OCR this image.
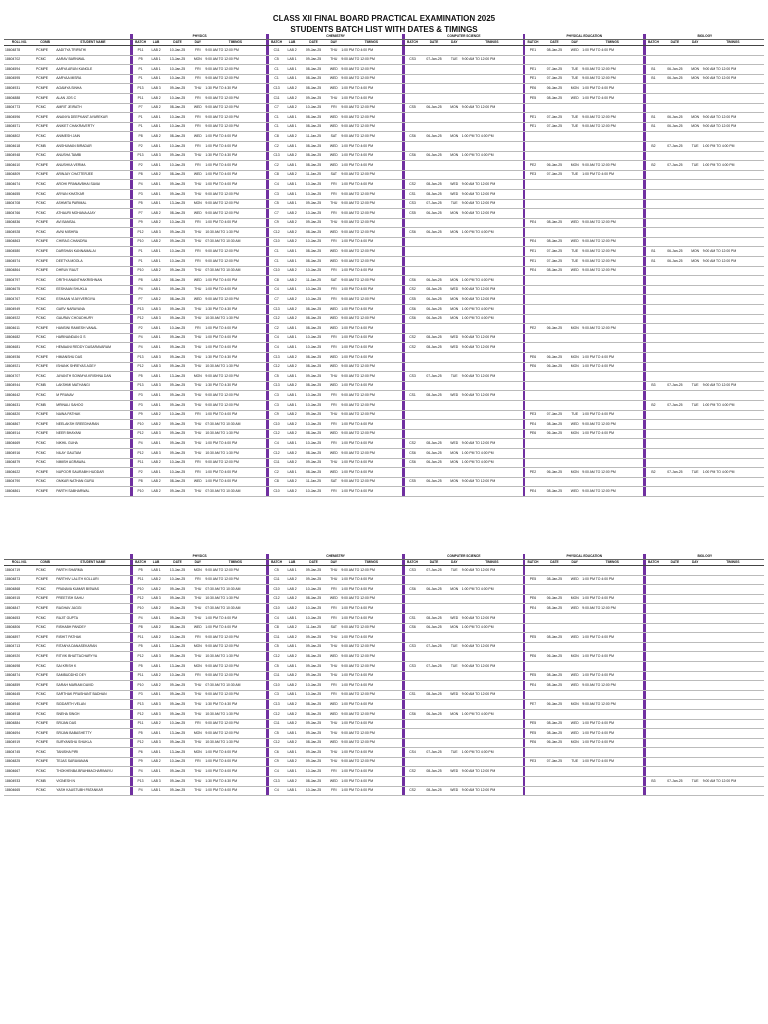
CLASS XII FINAL BOARD PRACTICAL EXAMINATION 2025
STUDENTS BATCH LIST WITH DATES & TIMINGS
				PHYSICS						CHEMISTRY						COMPUTER SCIENCE					PHYSICAL EDUCATION					BIOLOGY			
ROLL NO.	COMB	STUDENT NAME		BATCH	LAB	DATE	DAY	TIMINGS		BATCH	LAB	DATE	DAY	TIMINGS		BATCH	DATE	DAY	TIMINGS		BATCH	DATE	DAY	TIMINGS		BATCH	DATE	DAY	TIMINGS
18604878	PCMPE	AADITYA TRIPATHI		P11	LAB 2	10-Jan-25	FRI	9:00 AM TO 12:00 PM		C11	LAB 2	09-Jan-25	THU	1:00 PM TO 4:00 PM							PE1	08-Jan-25	WED	1:00 PM TO 4:00 PM					
18604702	PCMC	AARAV BARNWAL		P5	LAB 1	13-Jan-25	MON	9:00 AM TO 12:00 PM		C5	LAB 1	09-Jan-25	THU	9:00 AM TO 12:00 PM		CS3	07-Jan-25	TUE	9:00 AM TO 12:00 PM										
18604594	PCMPE	AARYA ARUN KANGLE		P1	LAB 1	10-Jan-25	FRI	9:00 AM TO 12:00 PM		C1	LAB 1	08-Jan-25	WED	9:00 AM TO 12:00 PM							PE1	07-Jan-25	TUE	9:00 AM TO 12:00 PM		B1	06-Jan-25	MON	9:00 AM TO 12:00 PM
18604595	PCMPE	AARYAA MISRA		P1	LAB 1	10-Jan-25	FRI	9:00 AM TO 12:00 PM		C1	LAB 1	08-Jan-25	WED	9:00 AM TO 12:00 PM							PE1	07-Jan-25	TUE	9:00 AM TO 12:00 PM		B1	06-Jan-25	MON	9:00 AM TO 12:00 PM
18604931	PCMPE	AGAMYA SINHA		P13	LAB 3	09-Jan-25	THU	1:30 PM TO 4:30 PM		C13	LAB 2	08-Jan-25	WED	1:00 PM TO 4:00 PM							PE6	06-Jan-25	MON	1:00 PM TO 4:00 PM					
18604888	PCMPE	ALAN JOS C		P11	LAB 2	10-Jan-25	FRI	9:00 AM TO 12:00 PM		C11	LAB 2	09-Jan-25	THU	1:00 PM TO 4:00 PM							PE5	08-Jan-25	WED	1:00 PM TO 4:00 PM					
18604773	PCMC	AMRIT JEIRATH		P7	LAB 2	08-Jan-25	WED	9:00 AM TO 12:00 PM		C7	LAB 2	10-Jan-25	FRI	9:00 AM TO 12:00 PM		CS5	06-Jan-25	MON	9:00 AM TO 12:00 PM										
18604596	PCMPE	ANANYA DEEPKANT AYAREKAR		P1	LAB 1	10-Jan-25	FRI	9:00 AM TO 12:00 PM		C1	LAB 1	08-Jan-25	WED	9:00 AM TO 12:00 PM							PE1	07-Jan-25	TUE	9:00 AM TO 12:00 PM		B1	06-Jan-25	MON	9:00 AM TO 12:00 PM
18604571	PCMPE	ANIKET CHAKRAVERTY		P1	LAB 1	10-Jan-25	FRI	9:00 AM TO 12:00 PM		C1	LAB 1	08-Jan-25	WED	9:00 AM TO 12:00 PM							PE1	07-Jan-25	TUE	9:00 AM TO 12:00 PM		B1	06-Jan-25	MON	9:00 AM TO 12:00 PM
18604802	PCMC	ANIMESH JAIN		P8	LAB 2	08-Jan-25	WED	1:00 PM TO 4:00 PM		C8	LAB 2	11-Jan-25	SAT	9:00 AM TO 12:00 PM		CS6	06-Jan-25	MON	1:00 PM TO 4:00 PM										
18604618	PCMB	ANSHUMAN BIRADAR		P2	LAB 1	10-Jan-25	FRI	1:00 PM TO 4:00 PM		C2	LAB 1	08-Jan-25	WED	1:00 PM TO 4:00 PM												B2	07-Jan-25	TUE	1:00 PM TO 4:00 PM
18604948	PCMC	ANUSHA TAMBI		P13	LAB 3	09-Jan-25	THU	1:30 PM TO 4:30 PM		C13	LAB 2	08-Jan-25	WED	1:00 PM TO 4:00 PM		CS6	06-Jan-25	MON	1:00 PM TO 4:00 PM										
18604610	PCMPE	ANUSHKA VERMA		P2	LAB 1	10-Jan-25	FRI	1:00 PM TO 4:00 PM		C2	LAB 1	08-Jan-25	WED	1:00 PM TO 4:00 PM							PE2	06-Jan-25	MON	9:00 AM TO 12:00 PM		B2	07-Jan-25	TUE	1:00 PM TO 4:00 PM
18604809	PCMPE	ARINJAY CHATTERJEE		P8	LAB 2	08-Jan-25	WED	1:00 PM TO 4:00 PM		C8	LAB 2	11-Jan-25	SAT	9:00 AM TO 12:00 PM							PE3	07-Jan-25	TUE	1:00 PM TO 4:00 PM					
18604674	PCMC	AROHI PRANAVBHAI SAVAI		P4	LAB 1	09-Jan-25	THU	1:00 PM TO 4:00 PM		C4	LAB 1	10-Jan-25	FRI	1:00 PM TO 4:00 PM		CS2	08-Jan-25	WED	9:00 AM TO 12:00 PM										
18604655	PCMC	ARYAN KHATKAR		P3	LAB 1	09-Jan-25	THU	9:00 AM TO 12:00 PM		C3	LAB 1	10-Jan-25	FRI	9:00 AM TO 12:00 PM		CS1	08-Jan-25	WED	9:00 AM TO 12:00 PM										
18604708	PCMC	ASHMITA PARIMAL		P5	LAB 1	13-Jan-25	MON	9:00 AM TO 12:00 PM		C5	LAB 1	09-Jan-25	THU	9:00 AM TO 12:00 PM		CS3	07-Jan-25	TUE	9:00 AM TO 12:00 PM										
18604766	PCMC	ATHAURI MOHANA AJAY		P7	LAB 2	08-Jan-25	WED	9:00 AM TO 12:00 PM		C7	LAB 2	10-Jan-25	FRI	9:00 AM TO 12:00 PM		CS5	06-Jan-25	MON	9:00 AM TO 12:00 PM										
18604836	PCMPE	AVI BANSAL		P9	LAB 2	10-Jan-25	FRI	1:00 PM TO 4:00 PM		C9	LAB 2	09-Jan-25	THU	9:00 AM TO 12:00 PM							PE4	08-Jan-25	WED	9:00 AM TO 12:00 PM					
18604928	PCMC	AVNI MISHRA		P12	LAB 3	09-Jan-25	THU	10:30 AM TO 1:30 PM		C12	LAB 2	08-Jan-25	WED	9:00 AM TO 12:00 PM		CS6	06-Jan-25	MON	1:00 PM TO 4:00 PM										
18604863	PCMPE	CHIRAG CHANDRA		P10	LAB 2	09-Jan-25	THU	07:30 AM TO 10:30 AM		C10	LAB 2	10-Jan-25	FRI	1:00 PM TO 4:00 PM							PE4	08-Jan-25	WED	9:00 AM TO 12:00 PM					
18604580	PCMPE	DARSHAN KANNAMALAI		P1	LAB 1	10-Jan-25	FRI	9:00 AM TO 12:00 PM		C1	LAB 1	08-Jan-25	WED	9:00 AM TO 12:00 PM							PE1	07-Jan-25	TUE	9:00 AM TO 12:00 PM		B1	06-Jan-25	MON	9:00 AM TO 12:00 PM
18604574	PCMPE	DEETYA MOOLA		P1	LAB 1	10-Jan-25	FRI	9:00 AM TO 12:00 PM		C1	LAB 1	08-Jan-25	WED	9:00 AM TO 12:00 PM							PE1	07-Jan-25	TUE	9:00 AM TO 12:00 PM		B1	06-Jan-25	MON	9:00 AM TO 12:00 PM
18604864	PCMPE	DHRUV RAUT		P10	LAB 2	09-Jan-25	THU	07:30 AM TO 10:30 AM		C10	LAB 2	10-Jan-25	FRI	1:00 PM TO 4:00 PM							PE4	08-Jan-25	WED	9:00 AM TO 12:00 PM					
18604797	PCMC	DRITHI ANANTHAKRISHNAN		P8	LAB 2	08-Jan-25	WED	1:00 PM TO 4:00 PM		C8	LAB 2	11-Jan-25	SAT	9:00 AM TO 12:00 PM		CS6	06-Jan-25	MON	1:00 PM TO 4:00 PM										
18604675	PCMC	EESHAAN SHUKLA		P4	LAB 1	09-Jan-25	THU	1:00 PM TO 4:00 PM		C4	LAB 1	10-Jan-25	FRI	1:00 PM TO 4:00 PM		CS2	08-Jan-25	WED	9:00 AM TO 12:00 PM										
18604767	PCMC	ESHAAN VIJAYVERGIYA		P7	LAB 2	08-Jan-25	WED	9:00 AM TO 12:00 PM		C7	LAB 2	10-Jan-25	FRI	9:00 AM TO 12:00 PM		CS5	06-Jan-25	MON	9:00 AM TO 12:00 PM										
18604949	PCMC	GARV NARAYANA		P13	LAB 3	09-Jan-25	THU	1:30 PM TO 4:30 PM		C13	LAB 2	08-Jan-25	WED	1:00 PM TO 4:00 PM		CS6	06-Jan-25	MON	1:00 PM TO 4:00 PM										
18604922	PCMC	GAURAV CHOUDHURY		P12	LAB 3	09-Jan-25	THU	10:30 AM TO 1:30 PM		C12	LAB 2	08-Jan-25	WED	9:00 AM TO 12:00 PM		CS6	06-Jan-25	MON	1:00 PM TO 4:00 PM										
18604611	PCMPE	HANSINI RAMESH VANAL		P2	LAB 1	10-Jan-25	FRI	1:00 PM TO 4:00 PM		C2	LAB 1	08-Jan-25	WED	1:00 PM TO 4:00 PM							PE2	06-Jan-25	MON	9:00 AM TO 12:00 PM					
18604682	PCMC	HARINANDAN G S		P4	LAB 1	09-Jan-25	THU	1:00 PM TO 4:00 PM		C4	LAB 1	10-Jan-25	FRI	1:00 PM TO 4:00 PM		CS2	08-Jan-25	WED	9:00 AM TO 12:00 PM										
18604681	PCMC	HEMAANI REDDY DASARAVARAM		P4	LAB 1	09-Jan-25	THU	1:00 PM TO 4:00 PM		C4	LAB 1	10-Jan-25	FRI	1:00 PM TO 4:00 PM		CS2	08-Jan-25	WED	9:00 AM TO 12:00 PM										
18604936	PCMPE	HIMANSHU DAS		P13	LAB 3	09-Jan-25	THU	1:30 PM TO 4:30 PM		C13	LAB 2	08-Jan-25	WED	1:00 PM TO 4:00 PM							PE6	06-Jan-25	MON	1:00 PM TO 4:00 PM					
18604921	PCMPE	ISHANK SHREYAS AGEY		P12	LAB 3	09-Jan-25	THU	10:30 AM TO 1:30 PM		C12	LAB 2	08-Jan-25	WED	9:00 AM TO 12:00 PM							PE6	06-Jan-25	MON	1:00 PM TO 4:00 PM					
18604707	PCMC	JAYANTH SOWMYA KRISHNA DAN		P5	LAB 1	13-Jan-25	MON	9:00 AM TO 12:00 PM		C5	LAB 1	09-Jan-25	THU	9:00 AM TO 12:00 PM		CS3	07-Jan-25	TUE	9:00 AM TO 12:00 PM										
18604944	PCMB	LAKSHMI MATHANGI		P13	LAB 3	09-Jan-25	THU	1:30 PM TO 4:30 PM		C13	LAB 2	08-Jan-25	WED	1:00 PM TO 4:00 PM												B3	07-Jan-25	TUE	9:00 AM TO 12:00 PM
18604642	PCMC	M PRANAV		P3	LAB 1	09-Jan-25	THU	9:00 AM TO 12:00 PM		C3	LAB 1	10-Jan-25	FRI	9:00 AM TO 12:00 PM		CS1	08-Jan-25	WED	9:00 AM TO 12:00 PM										
18604631	PCMB	MRINALI SAHOO		P3	LAB 1	09-Jan-25	THU	9:00 AM TO 12:00 PM		C3	LAB 1	10-Jan-25	FRI	9:00 AM TO 12:00 PM												B2	07-Jan-25	TUE	1:00 PM TO 4:00 PM
18604820	PCMPE	NAINA PATHAK		P9	LAB 2	10-Jan-25	FRI	1:00 PM TO 4:00 PM		C9	LAB 2	09-Jan-25	THU	9:00 AM TO 12:00 PM							PE3	07-Jan-25	TUE	1:00 PM TO 4:00 PM					
18604867	PCMPE	NEELAKSH SREEDHARAN		P10	LAB 2	09-Jan-25	THU	07:30 AM TO 10:30 AM		C10	LAB 2	10-Jan-25	FRI	1:00 PM TO 4:00 PM							PE4	08-Jan-25	WED	9:00 AM TO 12:00 PM					
18604914	PCMPE	NEER BHAYANI		P12	LAB 3	09-Jan-25	THU	10:30 AM TO 1:30 PM		C12	LAB 2	08-Jan-25	WED	9:00 AM TO 12:00 PM							PE6	06-Jan-25	MON	1:00 PM TO 4:00 PM					
18604669	PCMC	NIKHIL GUHA		P4	LAB 1	09-Jan-25	THU	1:00 PM TO 4:00 PM		C4	LAB 1	10-Jan-25	FRI	1:00 PM TO 4:00 PM		CS2	08-Jan-25	WED	9:00 AM TO 12:00 PM										
18604916	PCMC	NILAY GAUTAM		P12	LAB 3	09-Jan-25	THU	10:30 AM TO 1:30 PM		C12	LAB 2	08-Jan-25	WED	9:00 AM TO 12:00 PM		CS6	06-Jan-25	MON	1:00 PM TO 4:00 PM										
18604879	PCMC	NIMISH AGRAWAL		P11	LAB 2	10-Jan-25	FRI	9:00 AM TO 12:00 PM		C11	LAB 2	09-Jan-25	THU	1:00 PM TO 4:00 PM		CS6	06-Jan-25	MON	1:00 PM TO 4:00 PM										
18604622	PCMPE	NUPOOR SAURABH HUDDAR		P2	LAB 1	10-Jan-25	FRI	1:00 PM TO 4:00 PM		C2	LAB 1	08-Jan-25	WED	1:00 PM TO 4:00 PM							PE2	06-Jan-25	MON	9:00 AM TO 12:00 PM		B2	07-Jan-25	TUE	1:00 PM TO 4:00 PM
18604790	PCMC	OMKAR NATHAN GURU		P8	LAB 2	08-Jan-25	WED	1:00 PM TO 4:00 PM		C8	LAB 2	11-Jan-25	SAT	9:00 AM TO 12:00 PM		CS5	06-Jan-25	MON	9:00 AM TO 12:00 PM										
18604861	PCMPE	PARTH SABHARWAL		P10	LAB 2	09-Jan-25	THU	07:30 AM TO 10:30 AM		C10	LAB 2	10-Jan-25	FRI	1:00 PM TO 4:00 PM							PE4	08-Jan-25	WED	9:00 AM TO 12:00 PM					
				PHYSICS						CHEMISTRY						COMPUTER SCIENCE					PHYSICAL EDUCATION					BIOLOGY			
ROLL NO.	COMB	STUDENT NAME		BATCH	LAB	DATE	DAY	TIMINGS		BATCH	LAB	DATE	DAY	TIMINGS		BATCH	DATE	DAY	TIMINGS		BATCH	DATE	DAY	TIMINGS		BATCH	DATE	DAY	TIMINGS
18604719	PCMC	PARTH SHARMA		P5	LAB 1	13-Jan-25	MON	9:00 AM TO 12:00 PM		C5	LAB 1	09-Jan-25	THU	9:00 AM TO 12:00 PM		CS3	07-Jan-25	TUE	9:00 AM TO 12:00 PM										
18604873	PCMPE	PARTHIV LALITH KOLLURI		P11	LAB 2	10-Jan-25	FRI	9:00 AM TO 12:00 PM		C11	LAB 2	09-Jan-25	THU	1:00 PM TO 4:00 PM							PE5	08-Jan-25	WED	1:00 PM TO 4:00 PM					
18604868	PCMC	PRANAVA KUMAR BISWAS		P10	LAB 2	09-Jan-25	THU	07:30 AM TO 10:30 AM		C10	LAB 2	10-Jan-25	FRI	1:00 PM TO 4:00 PM		CS6	06-Jan-25	MON	1:00 PM TO 4:00 PM										
18604915	PCMPE	PREETISH SAHU		P12	LAB 3	09-Jan-25	THU	10:30 AM TO 1:30 PM		C12	LAB 2	08-Jan-25	WED	9:00 AM TO 12:00 PM							PE6	06-Jan-25	MON	1:00 PM TO 4:00 PM					
18604847	PCMPE	RAGHAV JAGGI		P10	LAB 2	09-Jan-25	THU	07:30 AM TO 10:30 AM		C10	LAB 2	10-Jan-25	FRI	1:00 PM TO 4:00 PM							PE4	08-Jan-25	WED	9:00 AM TO 12:00 PM					
18604653	PCMC	RAJIT GUPTA		P4	LAB 1	09-Jan-25	THU	1:00 PM TO 4:00 PM		C4	LAB 1	10-Jan-25	FRI	1:00 PM TO 4:00 PM		CS1	08-Jan-25	WED	9:00 AM TO 12:00 PM										
18604806	PCMC	RISHABH PANDEY		P8	LAB 2	08-Jan-25	WED	1:00 PM TO 4:00 PM		C8	LAB 2	11-Jan-25	SAT	9:00 AM TO 12:00 PM		CS6	06-Jan-25	MON	1:00 PM TO 4:00 PM										
18604897	PCMPE	RISHIT PATHAK		P11	LAB 2	10-Jan-25	FRI	9:00 AM TO 12:00 PM		C11	LAB 2	09-Jan-25	THU	1:00 PM TO 4:00 PM							PE5	08-Jan-25	WED	1:00 PM TO 4:00 PM					
18604713	PCMC	RITANYA DANASEKARAN		P5	LAB 1	13-Jan-25	MON	9:00 AM TO 12:00 PM		C5	LAB 1	09-Jan-25	THU	9:00 AM TO 12:00 PM		CS3	07-Jan-25	TUE	9:00 AM TO 12:00 PM										
18604920	PCMPE	RITVIK BHATTACHARYYA		P12	LAB 3	09-Jan-25	THU	10:30 AM TO 1:30 PM		C12	LAB 2	08-Jan-25	WED	9:00 AM TO 12:00 PM							PE6	06-Jan-25	MON	1:00 PM TO 4:00 PM					
18604698	PCMC	SAI KRISH K		P5	LAB 1	13-Jan-25	MON	9:00 AM TO 12:00 PM		C5	LAB 1	09-Jan-25	THU	9:00 AM TO 12:00 PM		CS3	07-Jan-25	TUE	9:00 AM TO 12:00 PM										
18604874	PCMPE	SAMBUDDHO DEY		P11	LAB 2	10-Jan-25	FRI	9:00 AM TO 12:00 PM		C11	LAB 2	09-Jan-25	THU	1:00 PM TO 4:00 PM							PE5	08-Jan-25	WED	1:00 PM TO 4:00 PM					
18604859	PCMPE	SARAH MARIAM DAVID		P10	LAB 2	09-Jan-25	THU	07:30 AM TO 10:30 AM		C10	LAB 2	10-Jan-25	FRI	1:00 PM TO 4:00 PM							PE4	08-Jan-25	WED	9:00 AM TO 12:00 PM					
18604645	PCMC	SARTHAK PRASHANT BADHAN		P3	LAB 1	09-Jan-25	THU	9:00 AM TO 12:00 PM		C3	LAB 1	10-Jan-25	FRI	9:00 AM TO 12:00 PM		CS1	08-Jan-25	WED	9:00 AM TO 12:00 PM										
18604940	PCMPE	SIDDARTH VELAN		P13	LAB 3	09-Jan-25	THU	1:30 PM TO 4:30 PM		C13	LAB 2	08-Jan-25	WED	1:00 PM TO 4:00 PM							PE7	06-Jan-25	MON	9:00 AM TO 12:00 PM					
18604918	PCMC	SNEHA SINGH		P12	LAB 3	09-Jan-25	THU	10:30 AM TO 1:30 PM		C12	LAB 2	08-Jan-25	WED	9:00 AM TO 12:00 PM		CS6	06-Jan-25	MON	1:00 PM TO 4:00 PM										
18604884	PCMPE	SRIJAN DAS		P11	LAB 2	10-Jan-25	FRI	9:00 AM TO 12:00 PM		C11	LAB 2	09-Jan-25	THU	1:00 PM TO 4:00 PM							PE5	08-Jan-25	WED	1:00 PM TO 4:00 PM					
18604694	PCMPE	SRIJAN BABASHETTY		P5	LAB 1	13-Jan-25	MON	9:00 AM TO 12:00 PM		C5	LAB 1	09-Jan-25	THU	9:00 AM TO 12:00 PM							PE5	08-Jan-25	WED	1:00 PM TO 4:00 PM					
18604919	PCMPE	SURYANSHU SHUKLA		P12	LAB 3	09-Jan-25	THU	10:30 AM TO 1:30 PM		C12	LAB 2	08-Jan-25	WED	9:00 AM TO 12:00 PM							PE6	06-Jan-25	MON	1:00 PM TO 4:00 PM					
18604745	PCMC	TANISHA PIRI		P6	LAB 1	13-Jan-25	MON	1:00 PM TO 4:00 PM		C6	LAB 1	09-Jan-25	THU	1:00 PM TO 4:00 PM		CS4	07-Jan-25	TUE	1:00 PM TO 4:00 PM										
18604825	PCMPE	TEJAS SARAVANAN		P9	LAB 2	10-Jan-25	FRI	1:00 PM TO 4:00 PM		C9	LAB 2	09-Jan-25	THU	9:00 AM TO 12:00 PM							PE3	07-Jan-25	TUE	1:00 PM TO 4:00 PM					
18604667	PCMC	THOKHENBA BRAHMACHARIMAYU		P4	LAB 1	09-Jan-25	THU	1:00 PM TO 4:00 PM		C4	LAB 1	10-Jan-25	FRI	1:00 PM TO 4:00 PM		CS2	08-Jan-25	WED	9:00 AM TO 12:00 PM										
18604933	PCMB	VIGNESH N		P13	LAB 3	09-Jan-25	THU	1:30 PM TO 4:30 PM		C13	LAB 2	08-Jan-25	WED	1:00 PM TO 4:00 PM												B3	07-Jan-25	TUE	9:00 AM TO 12:00 PM
18604665	PCMC	YASH KAUSTUBH PATANKAR		P4	LAB 1	09-Jan-25	THU	1:00 PM TO 4:00 PM		C4	LAB 1	10-Jan-25	FRI	1:00 PM TO 4:00 PM		CS2	08-Jan-25	WED	9:00 AM TO 12:00 PM										
